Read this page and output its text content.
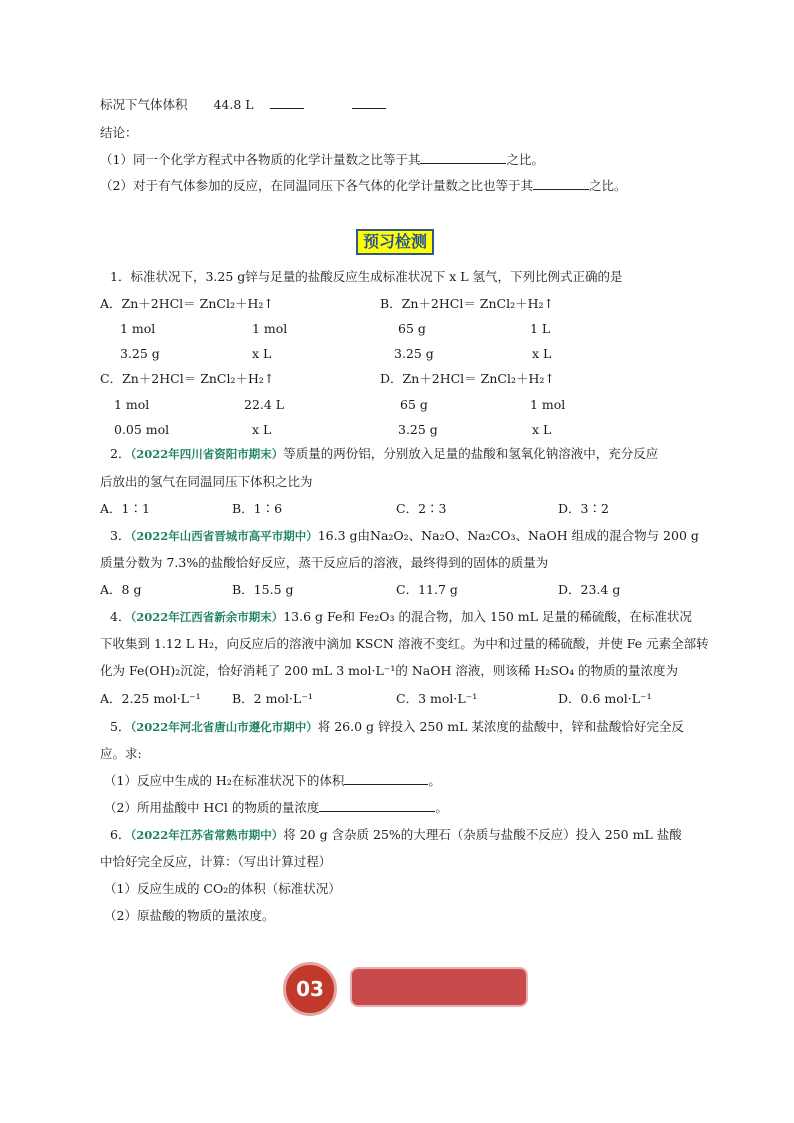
标况下气体体积 44.8 L
结论：
（1）同一个化学方程式中各物质的化学计量数之比等于其	之比。
（2）对于有气体参加的反应，在同温同压下各气体的化学计量数之比也等于其	之比。
预习检测
1．标准状况下，3.25 g锌与足量的盐酸反应生成标准状况下 x L 氢气，下列比例式正确的是
A．Zn＋2HCl＝ ZnCl₂＋H₂↑	B．Zn＋2HCl＝ ZnCl₂＋H₂↑
1 mol	1 mol	65 g	1 L
3.25 g	x L	3.25 g	x L
C．Zn＋2HCl＝ ZnCl₂＋H₂↑	D．Zn＋2HCl＝ ZnCl₂＋H₂↑
1 mol	22.4 L	65 g	1 mol
0.05 mol	x L	3.25 g	x L
2．（2022年四川省资阳市期末）等质量的两份铝，分别放入足量的盐酸和氢氧化钠溶液中，充分反应
后放出的氢气在同温同压下体积之比为
A．1∶1	B．1∶6	C．2∶3	D．3∶2
3．（2022年山西省晋城市高平市期中）16.3 g由Na₂O₂、Na₂O、Na₂CO₃、NaOH 组成的混合物与 200 g
质量分数为 7.3%的盐酸恰好反应，蒸干反应后的溶液，最终得到的固体的质量为
A．8 g	B．15.5 g	C．11.7 g	D．23.4 g
4．（2022年江西省新余市期末）13.6 g Fe和 Fe₂O₃ 的混合物，加入 150 mL 足量的稀硫酸，在标准状况
下收集到 1.12 L H₂，向反应后的溶液中滴加 KSCN 溶液不变红。为中和过量的稀硫酸，并使 Fe 元素全部转
化为 Fe(OH)₂沉淀，恰好消耗了 200 mL 3 mol·L⁻¹的 NaOH 溶液，则该稀 H₂SO₄ 的物质的量浓度为
A．2.25 mol·L⁻¹	B．2 mol·L⁻¹	C．3 mol·L⁻¹	D．0.6 mol·L⁻¹
5．（2022年河北省唐山市遵化市期中）将 26.0 g 锌投入 250 mL 某浓度的盐酸中，锌和盐酸恰好完全反
应。求:
（1）反应中生成的 H₂在标准状况下的体积	。
（2）所用盐酸中 HCl 的物质的量浓度	。
6．（2022年江苏省常熟市期中）将 20 g 含杂质 25%的大理石（杂质与盐酸不反应）投入 250 mL 盐酸
中恰好完全反应，计算：（写出计算过程）
（1）反应生成的 CO₂的体积（标准状况）
（2）原盐酸的物质的量浓度。
03
